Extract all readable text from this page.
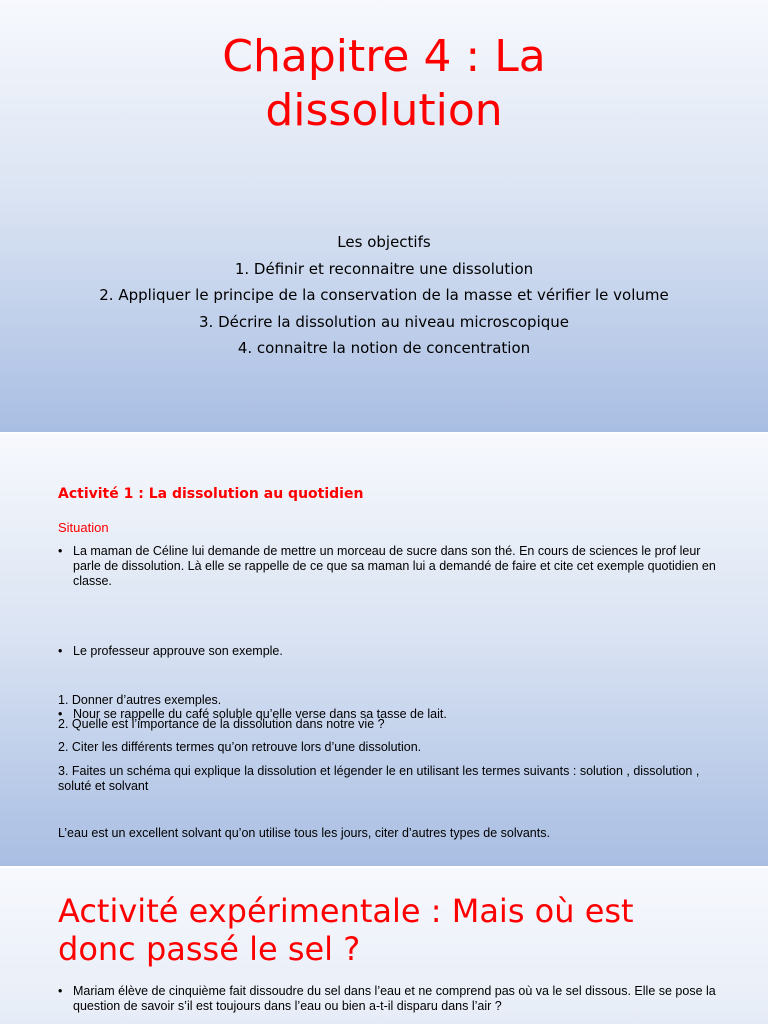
Chapitre 4 : La
dissolution
Les objectifs
1. Définir et reconnaitre une dissolution
2. Appliquer le principe de la conservation de la masse et vérifier le volume
3. Décrire la dissolution au niveau microscopique
4. connaitre la notion de concentration
Activité 1 : La dissolution au quotidien
Situation
• La maman de Céline lui demande de mettre un morceau de sucre dans son thé. En cours de sciences le prof leur parle de dissolution. Là elle se rappelle de ce que sa maman lui a demandé de faire et cite cet exemple quotidien en classe.
• Le professeur approuve son exemple.
• Nour se rappelle du café soluble qu’elle verse dans sa tasse de lait.
1. Donner d’autres exemples.
2. Quelle est l’importance de la dissolution dans notre vie ?
2. Citer les différents termes qu’on retrouve lors d’une dissolution.
3. Faites un schéma qui explique la dissolution et légender le en utilisant les termes suivants : solution , dissolution , soluté et solvant
•
L’eau est un excellent solvant qu’on utilise tous les jours, citer d’autres types de solvants.
Activité expérimentale : Mais où est
donc passé le sel ?
• Mariam élève de cinquième fait dissoudre du sel dans l’eau et ne comprend pas où va le sel dissous. Elle se pose la question de savoir s’il est toujours dans l’eau ou bien a-t-il disparu dans l’air ?
